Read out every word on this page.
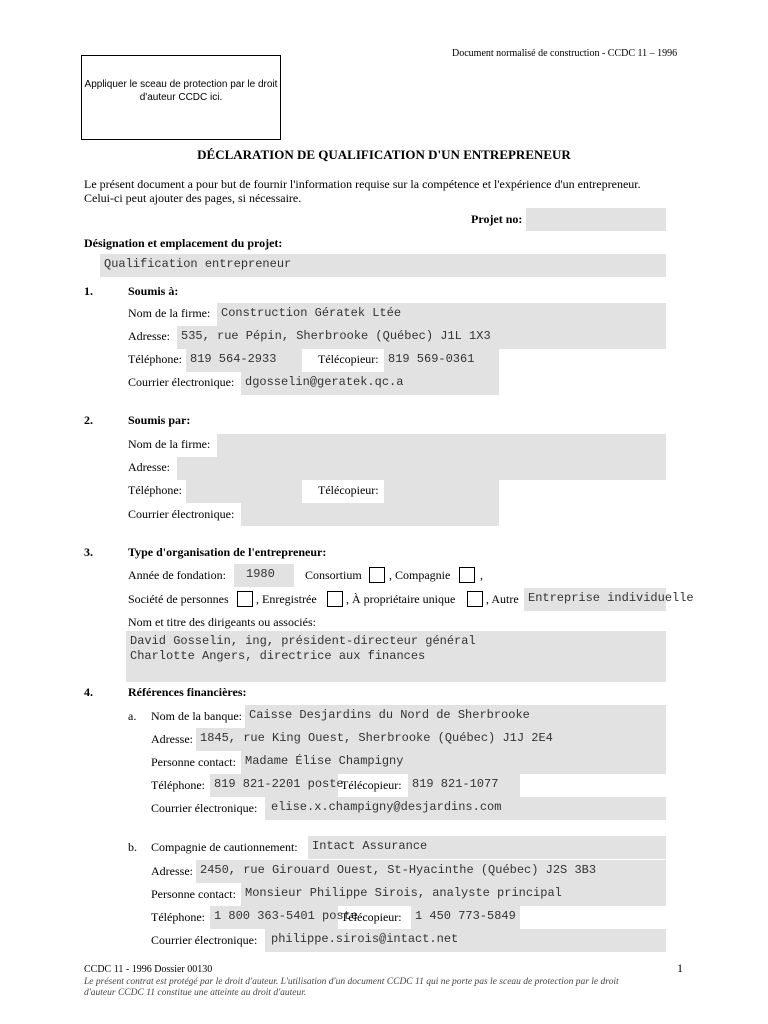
Document normalisé de construction - CCDC 11 – 1996
Appliquer le sceau de protection par le droit d'auteur CCDC ici.
DÉCLARATION DE QUALIFICATION D'UN ENTREPRENEUR
Le présent document a pour but de fournir l'information requise sur la compétence et l'expérience d'un entrepreneur.
Celui-ci peut ajouter des pages, si nécessaire.
Projet no:
Désignation et emplacement du projet:
Qualification entrepreneur
1.	Soumis à:
Nom de la firme: Construction Gératek Ltée
Adresse: 535, rue Pépin, Sherbrooke (Québec) J1L 1X3
Téléphone: 819 564-2933	Télécopieur: 819 569-0361
Courrier électronique: dgosselin@geratek.qc.a
2.	Soumis par:
Nom de la firme:
Adresse:
Téléphone:	Télécopieur:
Courrier électronique:
3.	Type d'organisation de l'entrepreneur:
Année de fondation:	1980	Consortium , Compagnie ,
Société de personnes , Enregistrée , À propriétaire unique	, Autre Entreprise individuelle
Nom et titre des dirigeants ou associés:
David Gosselin, ing, président-directeur général
Charlotte Angers, directrice aux finances
4.	Références financières:
a. Nom de la banque: Caisse Desjardins du Nord de Sherbrooke
Adresse: 1845, rue King Ouest, Sherbrooke (Québec) J1J 2E4
Personne contact: Madame Élise Champigny
Téléphone: 819 821-2201 poste
Télécopieur: 819 821-1077
Courrier électronique:	elise.x.champigny@desjardins.com
b. Compagnie de cautionnement:	Intact Assurance
Adresse: 2450, rue Girouard Ouest, St-Hyacinthe (Québec) J2S 3B3
Personne contact: Monsieur Philippe Sirois, analyste principal
Téléphone: 1 800 363-5401 poste
Télécopieur:	1 450 773-5849
Courrier électronique:	philippe.sirois@intact.net
CCDC 11 - 1996 Dossier 00130	1
Le présent contrat est protégé par le droit d'auteur. L'utilisation d'un document CCDC 11 qui ne porte pas le sceau de protection par le droit
d'auteur CCDC 11 constitue une atteinte au droit d'auteur.
